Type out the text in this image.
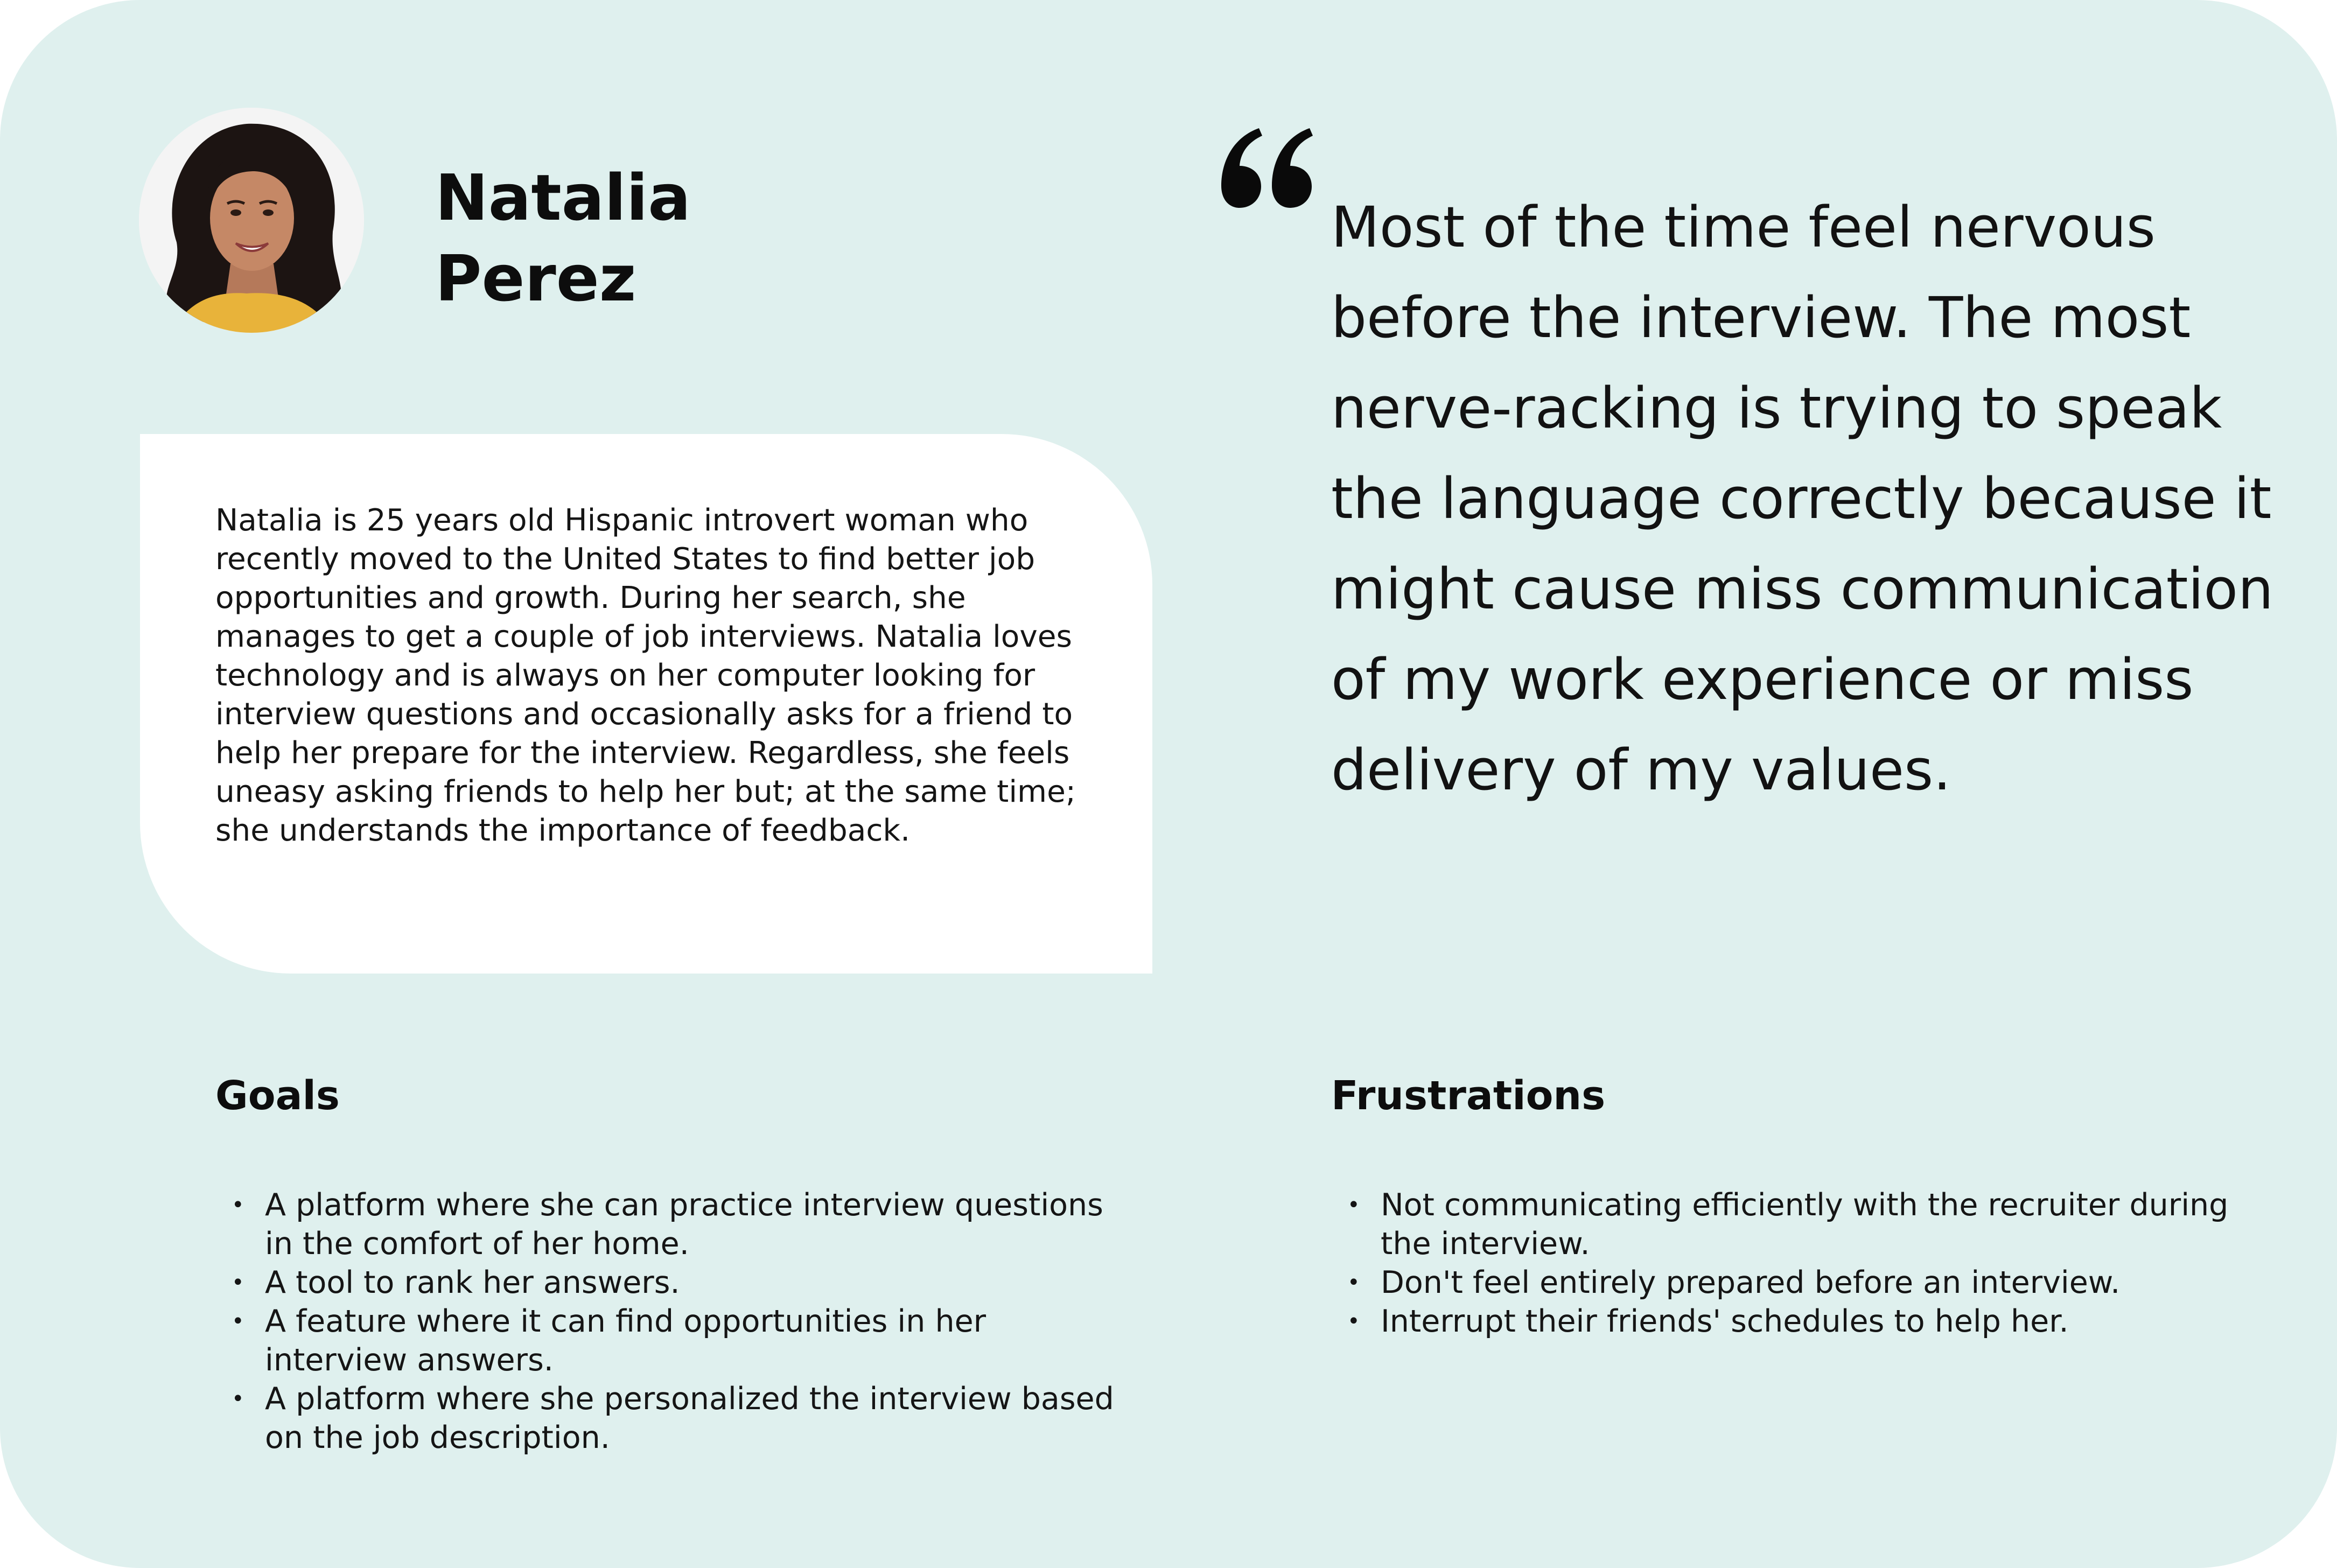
Natalia
Perez

Natalia is 25 years old Hispanic introvert woman who recently moved to the United States to find better job opportunities and growth. During her search, she manages to get a couple of job interviews. Natalia loves technology and is always on her computer looking for interview questions and occasionally asks for a friend to help her prepare for the interview. Regardless, she feels uneasy asking friends to help her but; at the same time; she understands the importance of feedback.

Most of the time feel nervous before the interview. The most nerve-racking is trying to speak the language correctly because it might cause miss communication of my work experience or miss delivery of my values.

Goals
• A platform where she can practice interview questions in the comfort of her home.
• A tool to rank her answers.
• A feature where it can find opportunities in her interview answers.
• A platform where she personalized the interview based on the job description.
Frustrations
• Not communicating efficiently with the recruiter during the interview.
• Don't feel entirely prepared before an interview.
• Interrupt their friends' schedules to help her.
